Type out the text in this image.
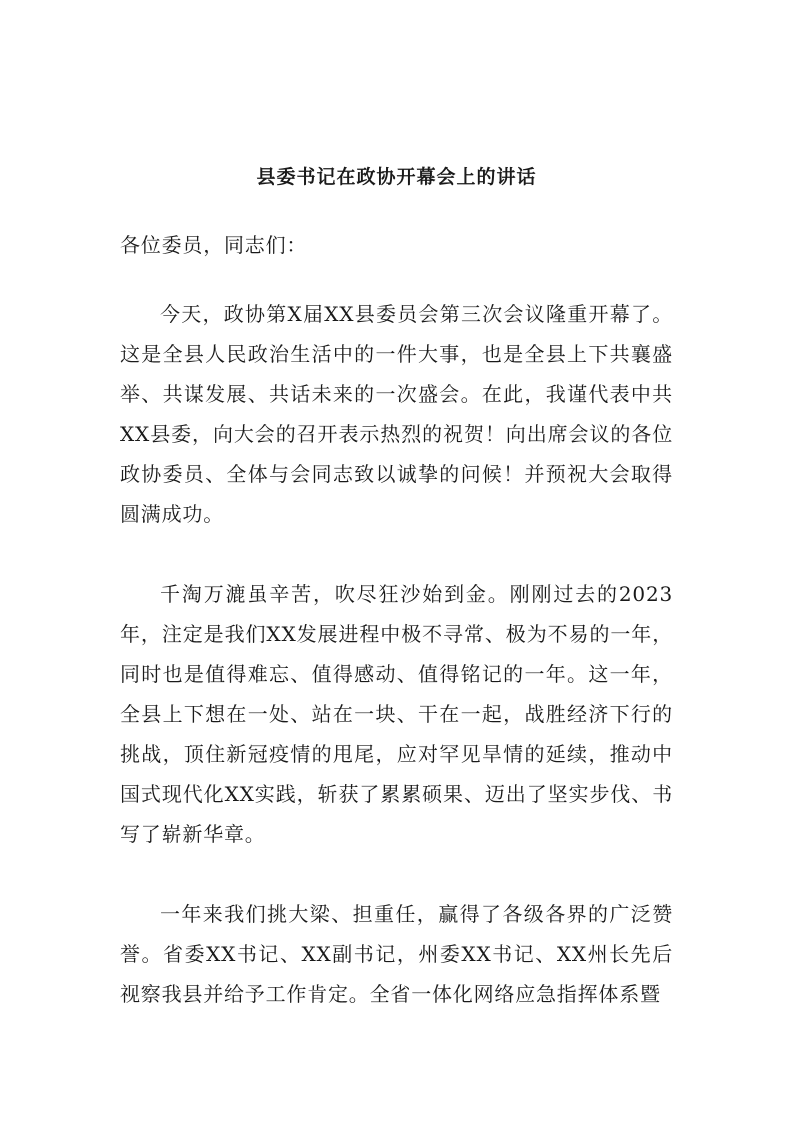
县委书记在政协开幕会上的讲话

各位委员，同志们：

今天，政协第X届XX县委员会第三次会议隆重开幕了。这是全县人民政治生活中的一件大事，也是全县上下共襄盛举、共谋发展、共话未来的一次盛会。在此，我谨代表中共XX县委，向大会的召开表示热烈的祝贺！向出席会议的各位政协委员、全体与会同志致以诚挚的问候！并预祝大会取得圆满成功。

千淘万漉虽辛苦，吹尽狂沙始到金。刚刚过去的2023年，注定是我们XX发展进程中极不寻常、极为不易的一年，同时也是值得难忘、值得感动、值得铭记的一年。这一年，全县上下想在一处、站在一块、干在一起，战胜经济下行的挑战，顶住新冠疫情的甩尾，应对罕见旱情的延续，推动中国式现代化XX实践，斩获了累累硕果、迈出了坚实步伐、书写了崭新华章。

一年来我们挑大梁、担重任，赢得了各级各界的广泛赞誉。省委XX书记、XX副书记，州委XX书记、XX州长先后视察我县并给予工作肯定。全省一体化网络应急指挥体系暨
